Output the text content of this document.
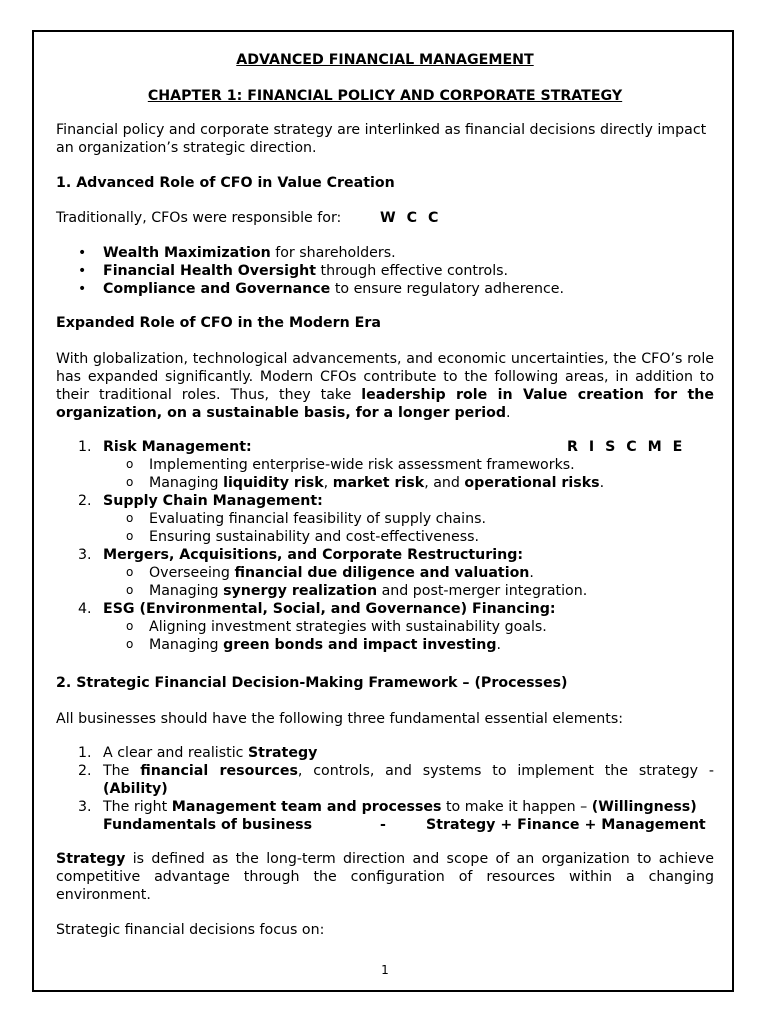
ADVANCED FINANCIAL MANAGEMENT

CHAPTER 1: FINANCIAL POLICY AND CORPORATE STRATEGY

Financial policy and corporate strategy are interlinked as financial decisions directly impact an organization’s strategic direction.

1. Advanced Role of CFO in Value Creation

Traditionally, CFOs were responsible for:	W C C

• Wealth Maximization for shareholders.
• Financial Health Oversight through effective controls.
• Compliance and Governance to ensure regulatory adherence.

Expanded Role of CFO in the Modern Era

With globalization, technological advancements, and economic uncertainties, the CFO’s role has expanded significantly. Modern CFOs contribute to the following areas, in addition to their traditional roles. Thus, they take leadership role in Value creation for the organization, on a sustainable basis, for a longer period.

R I S C M E

1. Risk Management:
o Implementing enterprise-wide risk assessment frameworks.
o Managing liquidity risk, market risk, and operational risks.
2. Supply Chain Management:
o Evaluating financial feasibility of supply chains.
o Ensuring sustainability and cost-effectiveness.
3. Mergers, Acquisitions, and Corporate Restructuring:
o Overseeing financial due diligence and valuation.
o Managing synergy realization and post-merger integration.
4. ESG (Environmental, Social, and Governance) Financing:
o Aligning investment strategies with sustainability goals.
o Managing green bonds and impact investing.

2. Strategic Financial Decision-Making Framework – (Processes)

All businesses should have the following three fundamental essential elements:

1. A clear and realistic Strategy
2. The financial resources, controls, and systems to implement the strategy - (Ability)
3. The right Management team and processes to make it happen – (Willingness)

Fundamentals of business	-	Strategy + Finance + Management

Strategy is defined as the long-term direction and scope of an organization to achieve competitive advantage through the configuration of resources within a changing environment.

Strategic financial decisions focus on:

1
